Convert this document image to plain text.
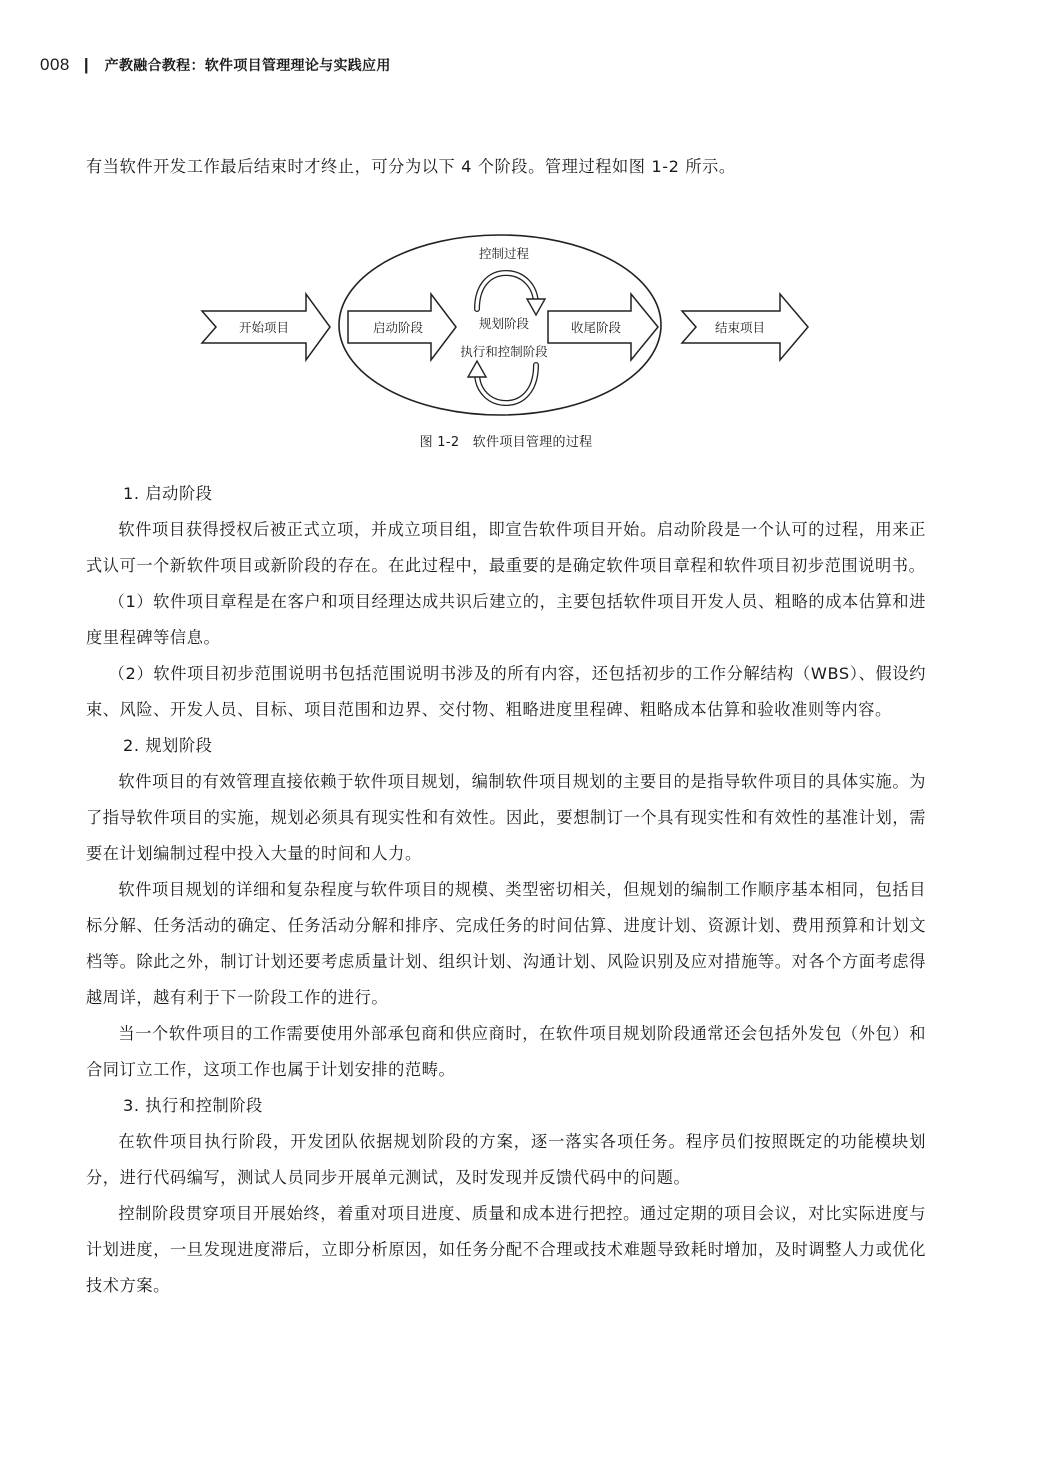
008 | 产教融合教程：软件项目管理理论与实践应用

有当软件开发工作最后结束时才终止，可分为以下 4 个阶段。管理过程如图 1-2 所示。

开始项目	启动阶段
控制过程
规划阶段
执行和控制阶段
收尾阶段	结束项目
图 1-2　软件项目管理的过程
1. 启动阶段

软件项目获得授权后被正式立项，并成立项目组，即宣告软件项目开始。启动阶段是一个认可的过程，用来正式认可一个新软件项目或新阶段的存在。在此过程中，最重要的是确定软件项目章程和软件项目初步范围说明书。

（1）软件项目章程是在客户和项目经理达成共识后建立的，主要包括软件项目开发人员、粗略的成本估算和进度里程碑等信息。

（2）软件项目初步范围说明书包括范围说明书涉及的所有内容，还包括初步的工作分解结构（WBS）、假设约束、风险、开发人员、目标、项目范围和边界、交付物、粗略进度里程碑、粗略成本估算和验收准则等内容。

2. 规划阶段

软件项目的有效管理直接依赖于软件项目规划，编制软件项目规划的主要目的是指导软件项目的具体实施。为了指导软件项目的实施，规划必须具有现实性和有效性。因此，要想制订一个具有现实性和有效性的基准计划，需要在计划编制过程中投入大量的时间和人力。

软件项目规划的详细和复杂程度与软件项目的规模、类型密切相关，但规划的编制工作顺序基本相同，包括目标分解、任务活动的确定、任务活动分解和排序、完成任务的时间估算、进度计划、资源计划、费用预算和计划文档等。除此之外，制订计划还要考虑质量计划、组织计划、沟通计划、风险识别及应对措施等。对各个方面考虑得越周详，越有利于下一阶段工作的进行。

当一个软件项目的工作需要使用外部承包商和供应商时，在软件项目规划阶段通常还会包括外发包（外包）和合同订立工作，这项工作也属于计划安排的范畴。

3. 执行和控制阶段

在软件项目执行阶段，开发团队依据规划阶段的方案，逐一落实各项任务。程序员们按照既定的功能模块划分，进行代码编写，测试人员同步开展单元测试，及时发现并反馈代码中的问题。

控制阶段贯穿项目开展始终，着重对项目进度、质量和成本进行把控。通过定期的项目会议，对比实际进度与计划进度，一旦发现进度滞后，立即分析原因，如任务分配不合理或技术难题导致耗时增加，及时调整人力或优化技术方案。
